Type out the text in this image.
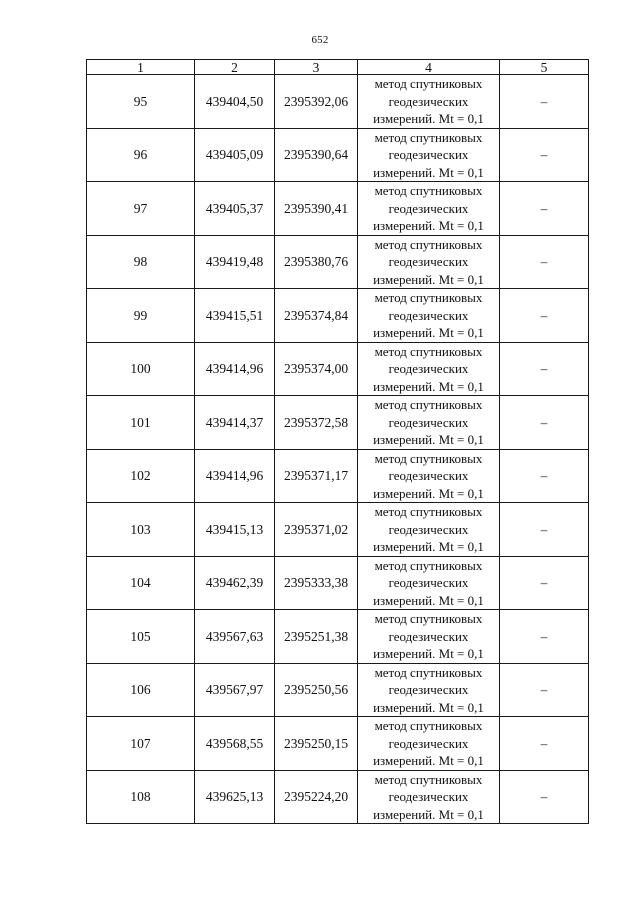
652
1	2	3	4	5
95	439404,50	2395392,06	метод спутниковых
геодезических
измерений. Mt = 0,1	–
96	439405,09	2395390,64	метод спутниковых
геодезических
измерений. Mt = 0,1	–
97	439405,37	2395390,41	метод спутниковых
геодезических
измерений. Mt = 0,1	–
98	439419,48	2395380,76	метод спутниковых
геодезических
измерений. Mt = 0,1	–
99	439415,51	2395374,84	метод спутниковых
геодезических
измерений. Mt = 0,1	–
100	439414,96	2395374,00	метод спутниковых
геодезических
измерений. Mt = 0,1	–
101	439414,37	2395372,58	метод спутниковых
геодезических
измерений. Mt = 0,1	–
102	439414,96	2395371,17	метод спутниковых
геодезических
измерений. Mt = 0,1	–
103	439415,13	2395371,02	метод спутниковых
геодезических
измерений. Mt = 0,1	–
104	439462,39	2395333,38	метод спутниковых
геодезических
измерений. Mt = 0,1	–
105	439567,63	2395251,38	метод спутниковых
геодезических
измерений. Mt = 0,1	–
106	439567,97	2395250,56	метод спутниковых
геодезических
измерений. Mt = 0,1	–
107	439568,55	2395250,15	метод спутниковых
геодезических
измерений. Mt = 0,1	–
108	439625,13	2395224,20	метод спутниковых
геодезических
измерений. Mt = 0,1	–
